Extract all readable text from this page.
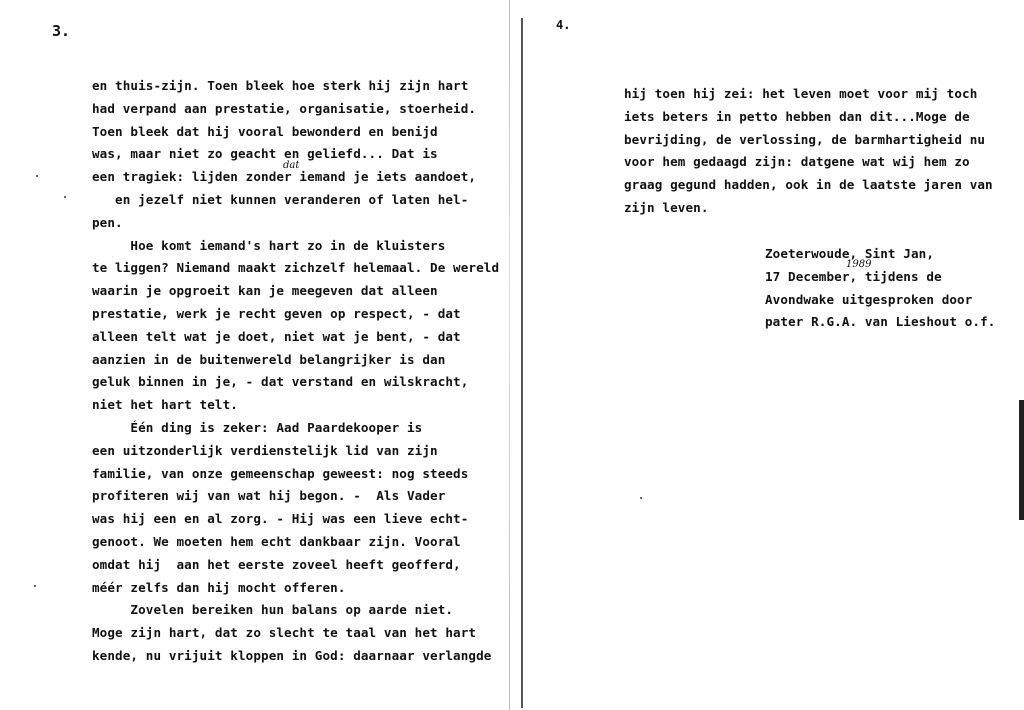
3.
en thuis-zijn. Toen bleek hoe sterk hij zijn hart
had verpand aan prestatie, organisatie, stoerheid.
Toen bleek dat hij vooral bewonderd en benijd
was, maar niet zo geacht en geliefd... Dat is
een tragiek: lijden zonder iemand je iets aandoet,
en jezelf niet kunnen veranderen of laten hel-
pen.
Hoe komt iemand's hart zo in de kluisters
te liggen? Niemand maakt zichzelf helemaal. De wereld
waarin je opgroeit kan je meegeven dat alleen
prestatie, werk je recht geven op respect, - dat
alleen telt wat je doet, niet wat je bent, - dat
aanzien in de buitenwereld belangrijker is dan
geluk binnen in je, - dat verstand en wilskracht,
niet het hart telt.
Één ding is zeker: Aad Paardekooper is
een uitzonderlijk verdienstelijk lid van zijn
familie, van onze gemeenschap geweest: nog steeds
profiteren wij van wat hij begon. -  Als Vader
was hij een en al zorg. - Hij was een lieve echt-
genoot. We moeten hem echt dankbaar zijn. Vooral
omdat hij  aan het eerste zoveel heeft geofferd,
méér zelfs dan hij mocht offeren.
Zovelen bereiken hun balans op aarde niet.
Moge zijn hart, dat zo slecht te taal van het hart
kende, nu vrijuit kloppen in God: daarnaar verlangde
dat
4.
hij toen hij zei: het leven moet voor mij toch
iets beters in petto hebben dan dit...Moge de
bevrijding, de verlossing, de barmhartigheid nu
voor hem gedaagd zijn: datgene wat wij hem zo
graag gegund hadden, ook in de laatste jaren van
zijn leven.
Zoeterwoude, Sint Jan,
17 December, tijdens de
Avondwake uitgesproken door
pater R.G.A. van Lieshout o.f.
1989
